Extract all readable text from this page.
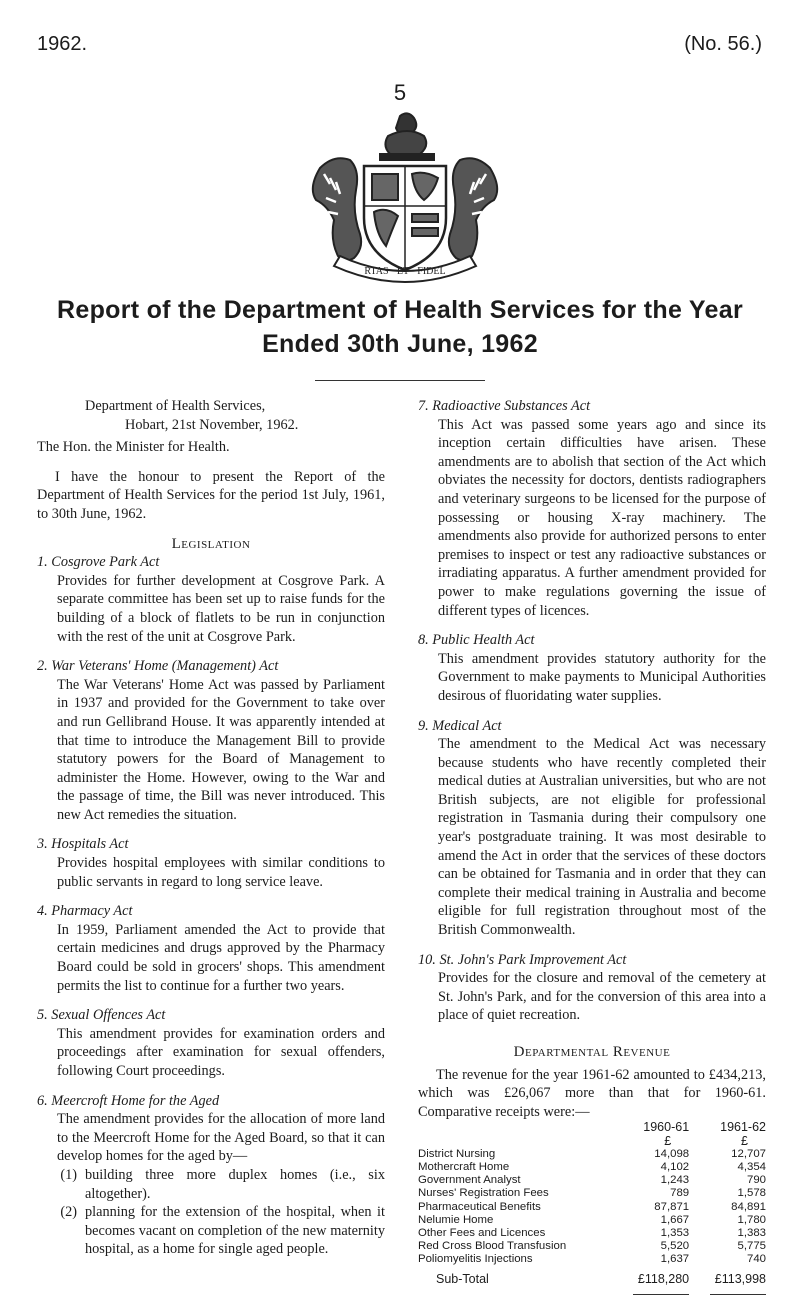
1962.	(No. 56.)
5
RTAS · ET · FIDEL
Report of the Department of Health Services for the Year
Ended 30th June, 1962

Department of Health Services,

Hobart, 21st November, 1962.

The Hon. the Minister for Health.

I have the honour to present the Report of the Department of Health Services for the period 1st July, 1961, to 30th June, 1962.

Legislation

1. Cosgrove Park Act

Provides for further development at Cosgrove Park. A separate committee has been set up to raise funds for the building of a block of flatlets to be run in conjunction with the rest of the unit at Cosgrove Park.

2. War Veterans' Home (Management) Act

The War Veterans' Home Act was passed by Parliament in 1937 and provided for the Government to take over and run Gellibrand House. It was apparently intended at that time to introduce the Management Bill to provide statutory powers for the Board of Management to administer the Home. However, owing to the War and the passage of time, the Bill was never introduced. This new Act remedies the situation.

3. Hospitals Act

Provides hospital employees with similar conditions to public servants in regard to long service leave.

4. Pharmacy Act

In 1959, Parliament amended the Act to provide that certain medicines and drugs approved by the Pharmacy Board could be sold in grocers' shops. This amendment permits the list to continue for a further two years.

5. Sexual Offences Act

This amendment provides for examination orders and proceedings after examination for sexual offenders, following Court proceedings.

6. Meercroft Home for the Aged

The amendment provides for the allocation of more land to the Meercroft Home for the Aged Board, so that it can develop homes for the aged by—

(1) building three more duplex homes (i.e., six altogether).
(2) planning for the extension of the hospital, when it becomes vacant on completion of the new maternity hospital, as a home for single aged people.

7. Radioactive Substances Act

This Act was passed some years ago and since its inception certain difficulties have arisen. These amendments are to abolish that section of the Act which obviates the necessity for doctors, dentists radiographers and veterinary surgeons to be licensed for the purpose of possessing or housing X-ray machinery. The amendments also provide for authorized persons to enter premises to inspect or test any radioactive substances or irradiating apparatus. A further amendment provided for power to make regulations governing the issue of different types of licences.

8. Public Health Act

This amendment provides statutory authority for the Government to make payments to Municipal Authorities desirous of fluoridating water supplies.

9. Medical Act

The amendment to the Medical Act was necessary because students who have recently completed their medical duties at Australian universities, but who are not British subjects, are not eligible for professional registration in Tasmania during their compulsory one year's postgraduate training. It was most desirable to amend the Act in order that the services of these doctors can be obtained for Tasmania and in order that they can complete their medical training in Australia and become eligible for full registration throughout most of the British Commonwealth.

10. St. John's Park Improvement Act

Provides for the closure and removal of the cemetery at St. John's Park, and for the conversion of this area into a place of quiet recreation.

Departmental Revenue

The revenue for the year 1961-62 amounted to £434,213, which was £26,067 more than that for 1960-61. Comparative receipts were:—

	1960-61	1961-62
	£	£
District Nursing	14,098	12,707
Mothercraft Home	4,102	4,354
Government Analyst	1,243	790
Nurses' Registration Fees	789	1,578
Pharmaceutical Benefits	87,871	84,891
Nelumie Home	1,667	1,780
Other Fees and Licences	1,353	1,383
Red Cross Blood Transfusion	5,520	5,775
Poliomyelitis Injections	1,637	740
Sub-Total	£118,280	£113,998
